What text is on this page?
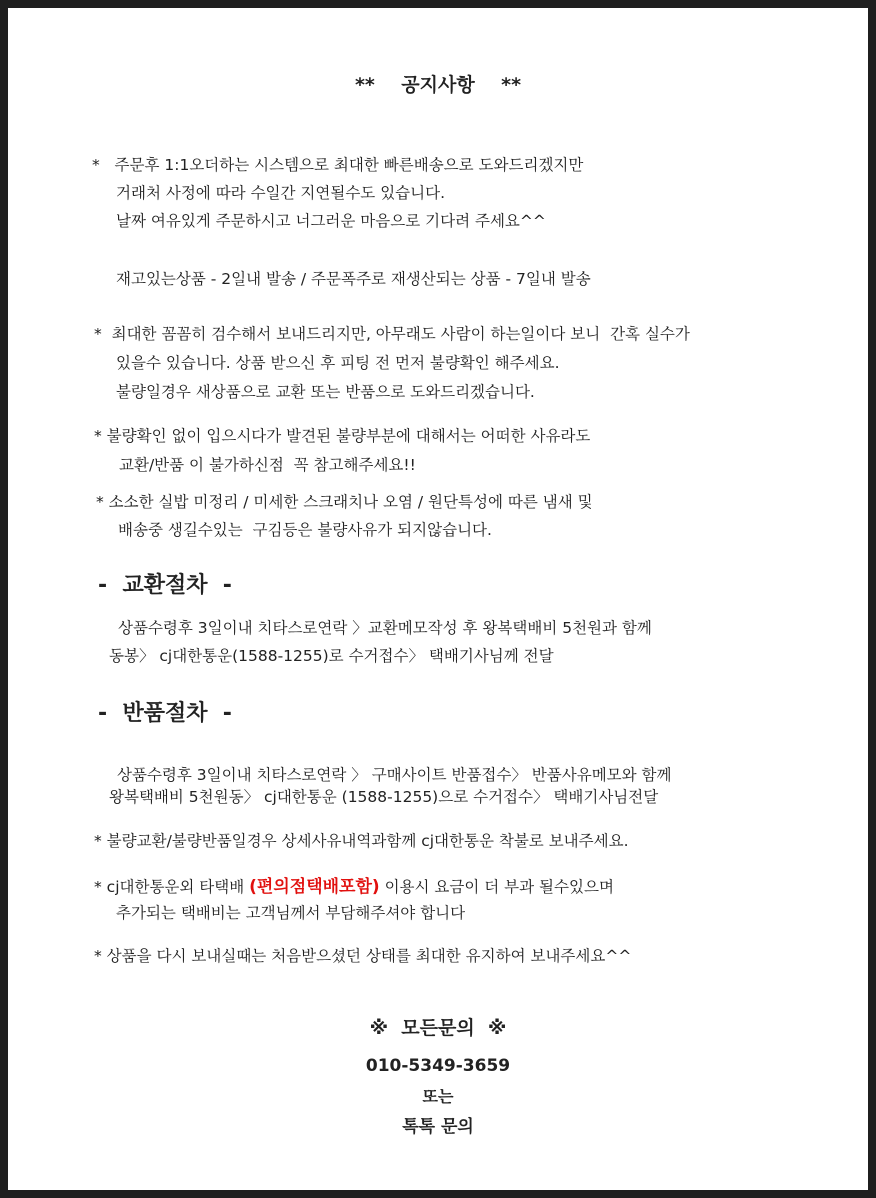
**    공지사항    **
*   주문후 1:1오더하는 시스템으로 최대한 빠른배송으로 도와드리겠지만
거래처 사정에 따라 수일간 지연될수도 있습니다.
날짜 여유있게 주문하시고 너그러운 마음으로 기다려 주세요^^
재고있는상품 - 2일내 발송 / 주문폭주로 재생산되는 상품 - 7일내 발송
*  최대한 꼼꼼히 검수해서 보내드리지만, 아무래도 사람이 하는일이다 보니  간혹 실수가
있을수 있습니다. 상품 받으신 후 피팅 전 먼저 불량확인 해주세요.
불량일경우 새상품으로 교환 또는 반품으로 도와드리겠습니다.
* 불량확인 없이 입으시다가 발견된 불량부분에 대해서는 어떠한 사유라도
교환/반품 이 불가하신점  꼭 참고해주세요!!
* 소소한 실밥 미정리 / 미세한 스크래치나 오염 / 원단특성에 따른 냄새 및
배송중 생길수있는  구김등은 불량사유가 되지않습니다.
-  교환절차  -
상품수령후 3일이내 치타스로연락 〉교환메모작성 후 왕복택배비 5천원과 함께
동봉〉 cj대한통운(1588-1255)로 수거접수〉 택배기사님께 전달
-  반품절차  -
상품수령후 3일이내 치타스로연락 〉 구매사이트 반품접수〉 반품사유메모와 함께
왕복택배비 5천원동〉 cj대한통운 (1588-1255)으로 수거접수〉 택배기사님전달
* 불량교환/불량반품일경우 상세사유내역과함께 cj대한통운 착불로 보내주세요.
* cj대한통운외 타택배 (편의점택배포함) 이용시 요금이 더 부과 될수있으며
추가되는 택배비는 고객님께서 부담해주셔야 합니다
* 상품을 다시 보내실때는 처음받으셨던 상태를 최대한 유지하여 보내주세요^^
※  모든문의  ※
010-5349-3659
또는
톡톡 문의
